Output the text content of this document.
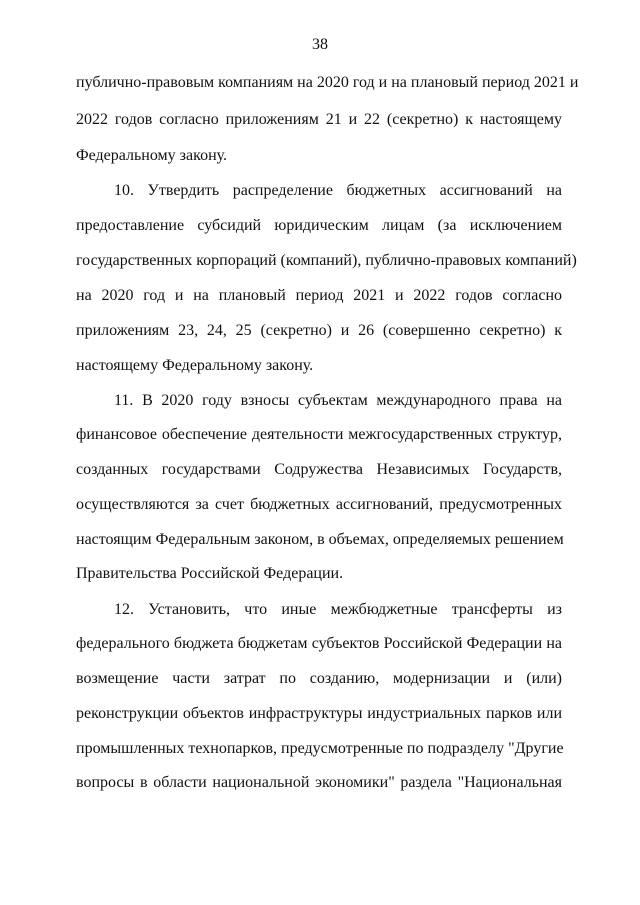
38
публично-правовым компаниям на 2020 год и на плановый период 2021 и
2022 годов согласно приложениям 21 и 22 (секретно) к настоящему
Федеральному закону.
10. Утвердить распределение бюджетных ассигнований на
предоставление субсидий юридическим лицам (за исключением
государственных корпораций (компаний), публично-правовых компаний)
на 2020 год и на плановый период 2021 и 2022 годов согласно
приложениям 23, 24, 25 (секретно) и 26 (совершенно секретно) к
настоящему Федеральному закону.
11. В 2020 году взносы субъектам международного права на
финансовое обеспечение деятельности межгосударственных структур,
созданных государствами Содружества Независимых Государств,
осуществляются за счет бюджетных ассигнований, предусмотренных
настоящим Федеральным законом, в объемах, определяемых решением
Правительства Российской Федерации.
12. Установить, что иные межбюджетные трансферты из
федерального бюджета бюджетам субъектов Российской Федерации на
возмещение части затрат по созданию, модернизации и (или)
реконструкции объектов инфраструктуры индустриальных парков или
промышленных технопарков, предусмотренные по подразделу "Другие
вопросы в области национальной экономики" раздела "Национальная
